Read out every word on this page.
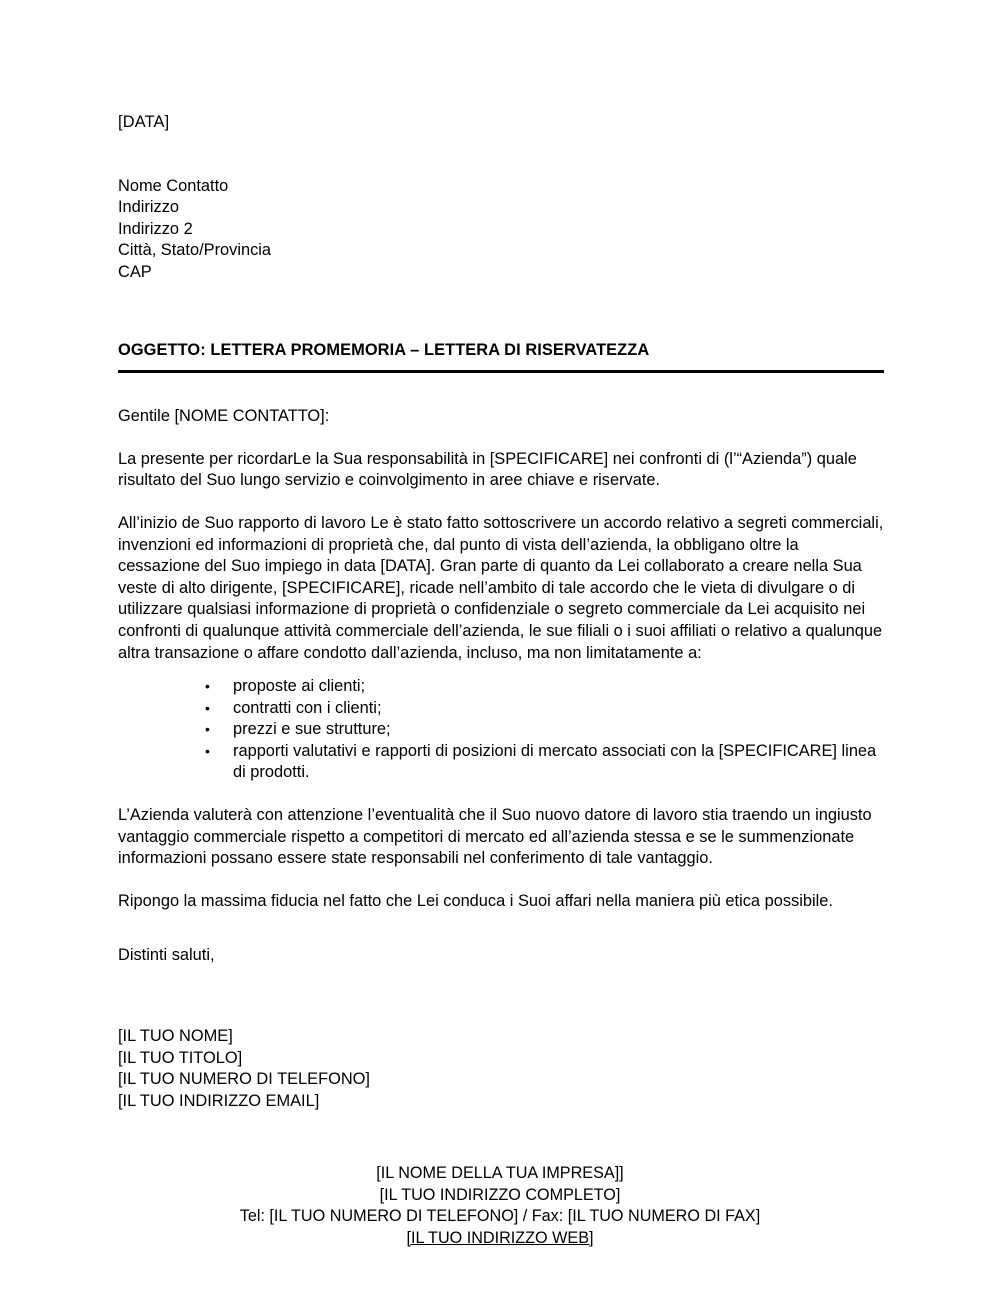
[DATA]
Nome Contatto
Indirizzo
Indirizzo 2
Città, Stato/Provincia
CAP
OGGETTO: LETTERA PROMEMORIA – LETTERA DI RISERVATEZZA
Gentile [NOME CONTATTO]:

La presente per ricordarLe la Sua responsabilità in [SPECIFICARE] nei confronti di (l’“Azienda”) quale risultato del Suo lungo servizio e coinvolgimento in aree chiave e riservate.

All’inizio de Suo rapporto di lavoro Le è stato fatto sottoscrivere un accordo relativo a segreti commerciali, invenzioni ed informazioni di proprietà che, dal punto di vista dell’azienda, la obbligano oltre la cessazione del Suo impiego in data [DATA]. Gran parte di quanto da Lei collaborato a creare nella Sua veste di alto dirigente, [SPECIFICARE], ricade nell’ambito di tale accordo che le vieta di divulgare o di utilizzare qualsiasi informazione di proprietà o confidenziale o segreto commerciale da Lei acquisito nei confronti di qualunque attività commerciale dell’azienda, le sue filiali o i suoi affiliati o relativo a qualunque altra transazione o affare condotto dall’azienda, incluso, ma non limitatamente a:

• proposte ai clienti;
• contratti con i clienti;
• prezzi e sue strutture;
• rapporti valutativi e rapporti di posizioni di mercato associati con la [SPECIFICARE] linea di prodotti.

L’Azienda valuterà con attenzione l’eventualità che il Suo nuovo datore di lavoro stia traendo un ingiusto vantaggio commerciale rispetto a competitori di mercato ed all’azienda stessa e se le summenzionate informazioni possano essere state responsabili nel conferimento di tale vantaggio.

Ripongo la massima fiducia nel fatto che Lei conduca i Suoi affari nella maniera più etica possibile.

Distinti saluti,
[IL TUO NOME]
[IL TUO TITOLO]
[IL TUO NUMERO DI TELEFONO]
[IL TUO INDIRIZZO EMAIL]
[IL NOME DELLA TUA IMPRESA]]
[IL TUO INDIRIZZO COMPLETO]
Tel: [IL TUO NUMERO DI TELEFONO] / Fax: [IL TUO NUMERO DI FAX]
[IL TUO INDIRIZZO WEB]
